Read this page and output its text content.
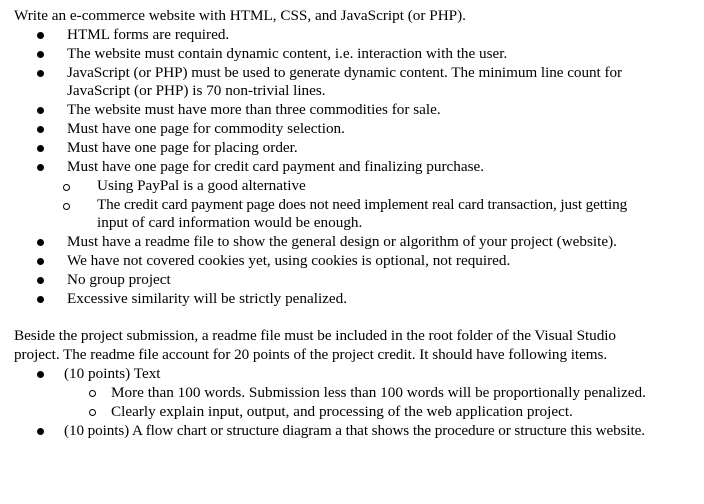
Write an e-commerce website with HTML, CSS, and JavaScript (or PHP).
HTML forms are required.
The website must contain dynamic content, i.e. interaction with the user.
JavaScript (or PHP) must be used to generate dynamic content. The minimum line count for
JavaScript (or PHP) is 70 non-trivial lines.
The website must have more than three commodities for sale.
Must have one page for commodity selection.
Must have one page for placing order.
Must have one page for credit card payment and finalizing purchase.
Using PayPal is a good alternative
The credit card payment page does not need implement real card transaction, just getting
input of card information would be enough.
Must have a readme file to show the general design or algorithm of your project (website).
We have not covered cookies yet, using cookies is optional, not required.
No group project
Excessive similarity will be strictly penalized.
Beside the project submission, a readme file must be included in the root folder of the Visual Studio
project. The readme file account for 20 points of the project credit. It should have following items.
(10 points) Text
More than 100 words. Submission less than 100 words will be proportionally penalized.
Clearly explain input, output, and processing of the web application project.
(10 points) A flow chart or structure diagram a that shows the procedure or structure this website.
